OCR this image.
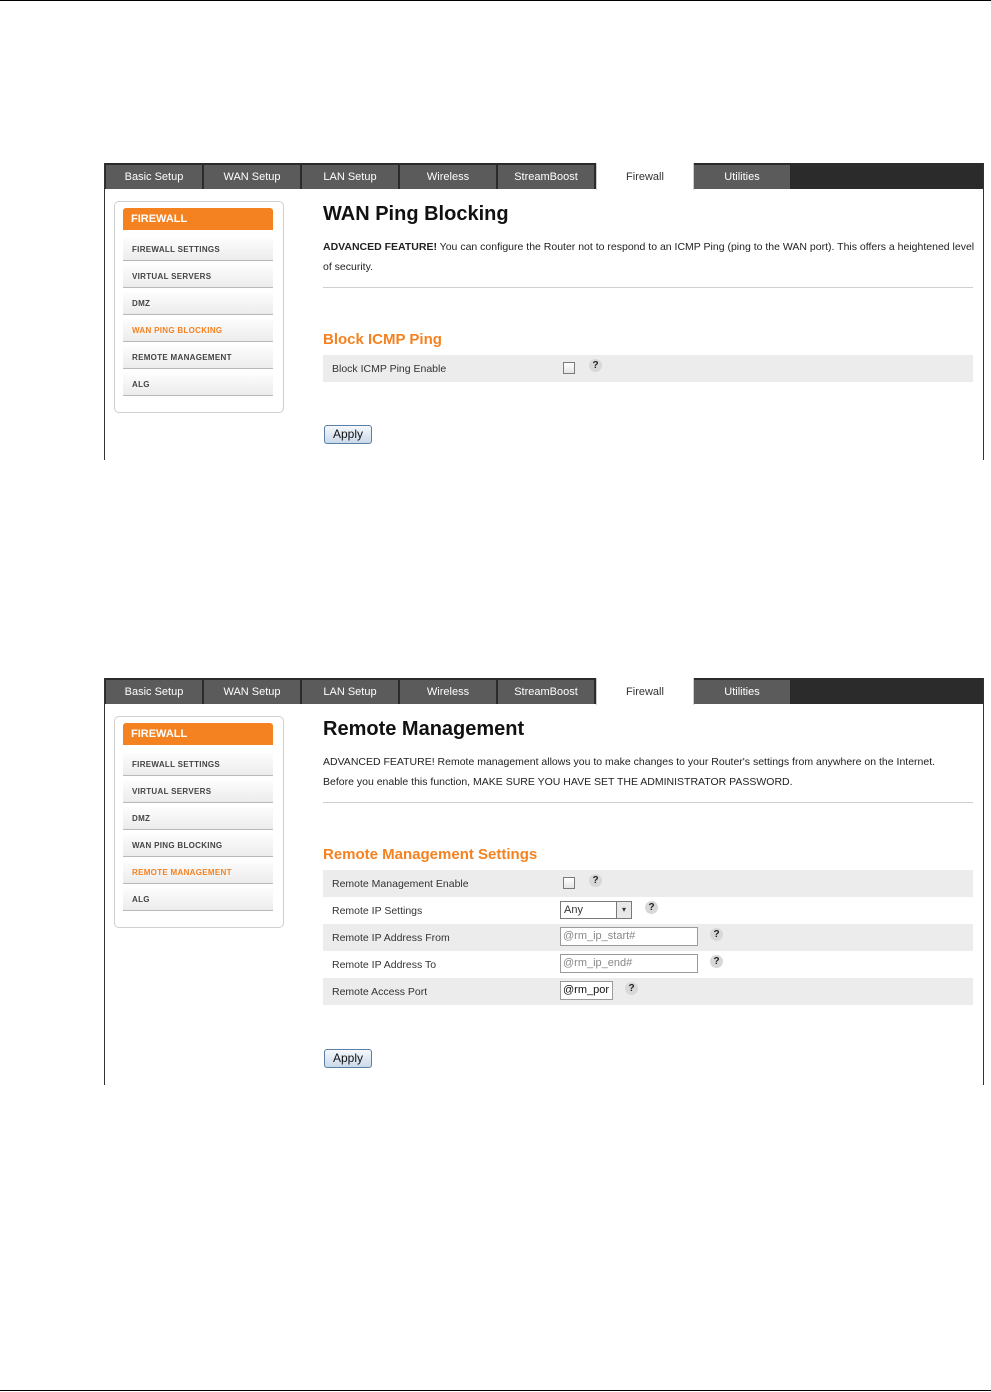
Basic Setup	WAN Setup	LAN Setup	Wireless	StreamBoost	Firewall	Utilities
FIREWALL
FIREWALL SETTINGS
VIRTUAL SERVERS
DMZ
WAN PING BLOCKING
REMOTE MANAGEMENT
ALG
WAN Ping Blocking
ADVANCED FEATURE! You can configure the Router not to respond to an ICMP Ping (ping to the WAN port). This offers a heightened level of security.
Block ICMP Ping
Block ICMP Ping Enable	?
Apply
Basic Setup	WAN Setup	LAN Setup	Wireless	StreamBoost	Firewall	Utilities
FIREWALL
FIREWALL SETTINGS
VIRTUAL SERVERS
DMZ
WAN PING BLOCKING
REMOTE MANAGEMENT
ALG
Remote Management
ADVANCED FEATURE! Remote management allows you to make changes to your Router's settings from anywhere on the Internet.
Before you enable this function, MAKE SURE YOU HAVE SET THE ADMINISTRATOR PASSWORD.
Remote Management Settings
Remote Management Enable	?
Remote IP Settings	Any	▾	?
Remote IP Address From	@rm_ip_start#	?
Remote IP Address To	@rm_ip_end#	?
Remote Access Port	@rm_por	?
Apply
